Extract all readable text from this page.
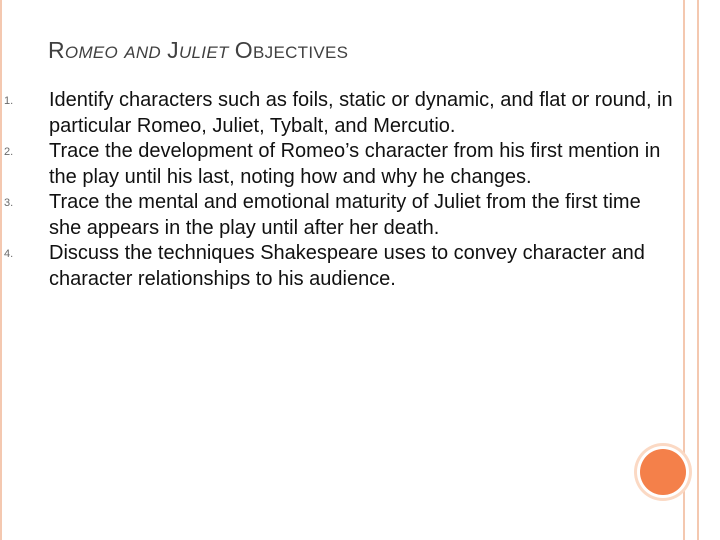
ROMEO AND JULIET OBJECTIVES
1. Identify characters such as foils, static or dynamic, and flat or round, in particular Romeo, Juliet, Tybalt, and Mercutio.
2. Trace the development of Romeo’s character from his first mention in the play until his last, noting how and why he changes.
3. Trace the mental and emotional maturity of Juliet from the first time she appears in the play until after her death.
4. Discuss the techniques Shakespeare uses to convey character and character relationships to his audience.
